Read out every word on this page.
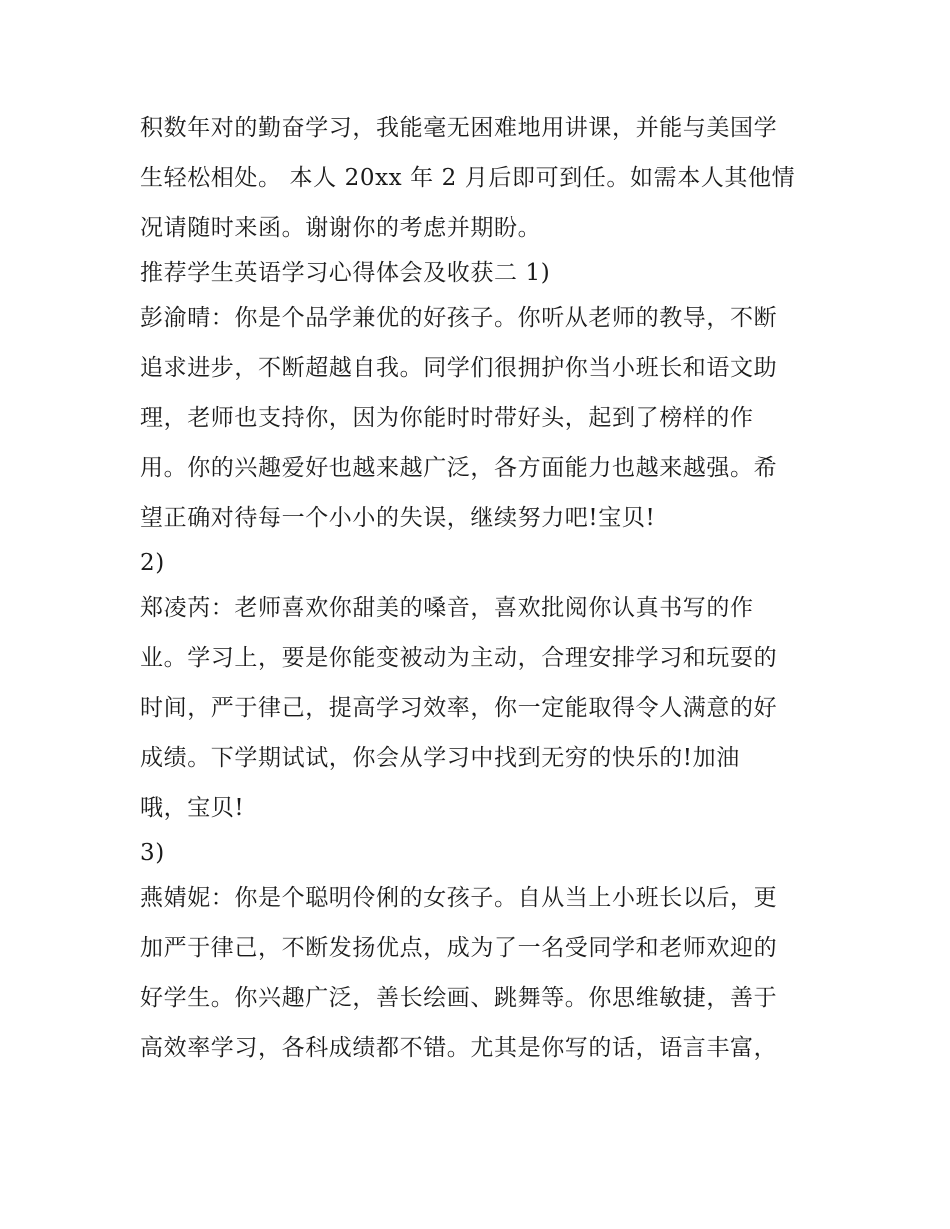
积数年对的勤奋学习，我能毫无困难地用讲课，并能与美国学
生轻松相处。 本人 20xx 年 2 月后即可到任。如需本人其他情
况请随时来函。谢谢你的考虑并期盼。
推荐学生英语学习心得体会及收获二 1)
彭渝晴：你是个品学兼优的好孩子。你听从老师的教导，不断
追求进步，不断超越自我。同学们很拥护你当小班长和语文助
理，老师也支持你，因为你能时时带好头，起到了榜样的作
用。你的兴趣爱好也越来越广泛，各方面能力也越来越强。希
望正确对待每一个小小的失误，继续努力吧!宝贝!
2)
郑凌芮：老师喜欢你甜美的嗓音，喜欢批阅你认真书写的作
业。学习上，要是你能变被动为主动，合理安排学习和玩耍的
时间，严于律己，提高学习效率，你一定能取得令人满意的好
成绩。下学期试试，你会从学习中找到无穷的快乐的!加油
哦，宝贝!
3)
燕婧妮：你是个聪明伶俐的女孩子。自从当上小班长以后，更
加严于律己，不断发扬优点，成为了一名受同学和老师欢迎的
好学生。你兴趣广泛，善长绘画、跳舞等。你思维敏捷，善于
高效率学习，各科成绩都不错。尤其是你写的话，语言丰富，
